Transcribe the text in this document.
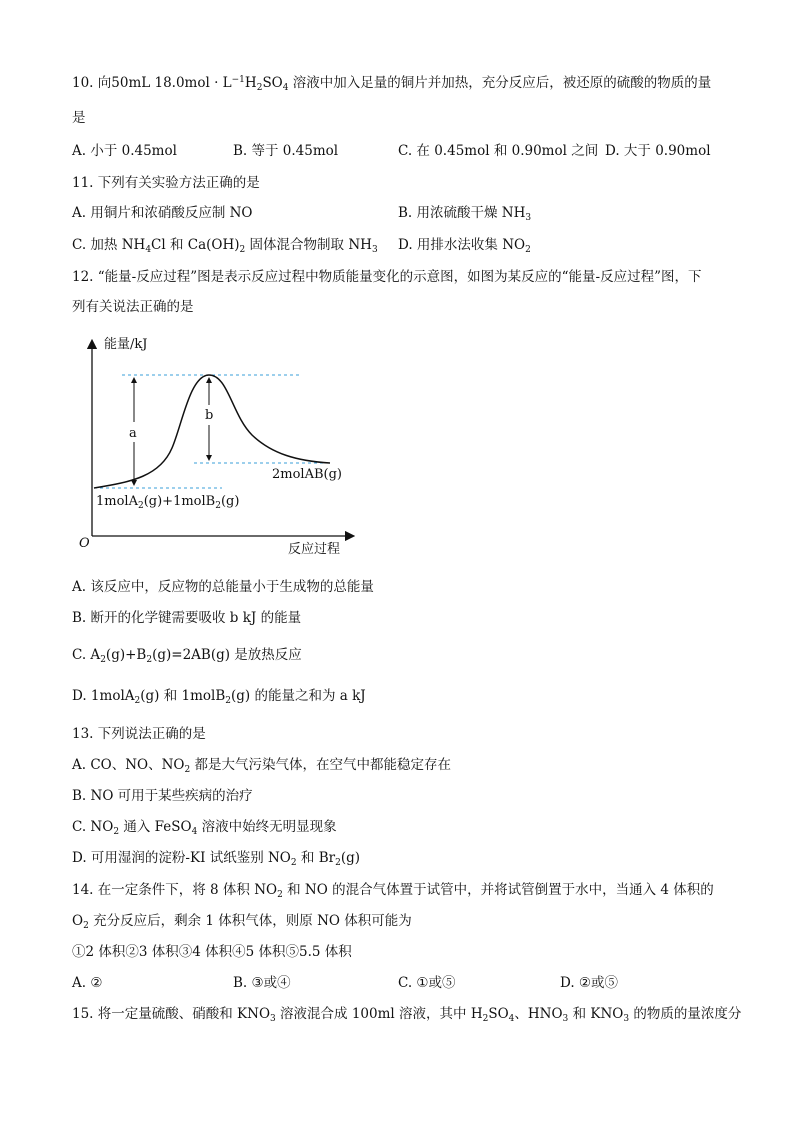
10. 向50mL $18.0mol \cdot L^{-1}H_2SO_4$ 溶液中加入足量的铜片并加热，充分反应后，被还原的硫酸的物质的量
是
A. 小于 0.45mol	B. 等于 0.45mol	C. 在 0.45mol 和 0.90mol 之间 D. 大于 0.90mol
11. 下列有关实验方法正确的是
A. 用铜片和浓硝酸反应制 NO	B. 用浓硫酸干燥 $NH_3$
C. 加热 $NH_4Cl$ 和 $Ca(OH)_2$ 固体混合物制取 $NH_3$ D. 用排水法收集 $NO_2$
12. “能量-反应过程”图是表示反应过程中物质能量变化的示意图，如图为某反应的“能量-反应过程”图，下
列有关说法正确的是
能量/kJ
反应过程
O
a
b
2molAB(g)
1molA$_2$(g)+1molB$_2$(g)
A. 该反应中，反应物的总能量小于生成物的总能量
B. 断开的化学键需要吸收 b kJ 的能量
C. $A_2(g)+B_2(g)=2AB(g)$ 是放热反应
D. 1molA$_2$(g) 和 1molB$_2$(g) 的能量之和为 a kJ
13. 下列说法正确的是
A. CO、NO、$NO_2$ 都是大气污染气体，在空气中都能稳定存在
B. NO 可用于某些疾病的治疗
C. $NO_2$ 通入 FeSO$_4$ 溶液中始终无明显现象
D. 可用湿润的淀粉-KI 试纸鉴别 $NO_2$ 和 $Br_2(g)$
14. 在一定条件下，将 8 体积 $NO_2$ 和 NO 的混合气体置于试管中，并将试管倒置于水中，当通入 4 体积的
$O_2$ 充分反应后，剩余 1 体积气体，则原 NO 体积可能为
①2 体积②3 体积③4 体积④5 体积⑤5.5 体积
A. ②	B. ③或④	C. ①或⑤	D. ②或⑤
15. 将一定量硫酸、硝酸和 $KNO_3$ 溶液混合成 100ml 溶液，其中 $H_2SO_4$、$HNO_3$ 和 $KNO_3$ 的物质的量浓度分
